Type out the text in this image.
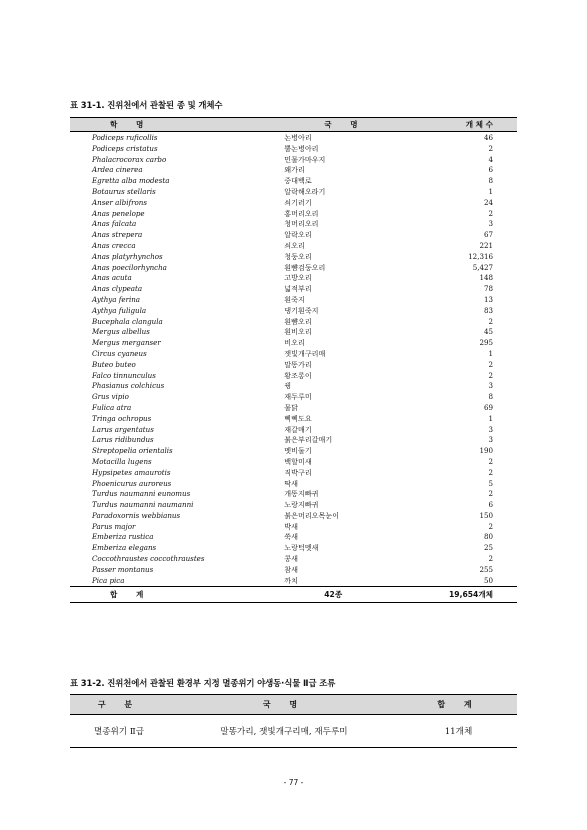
표 31-1. 진위천에서 관찰된 종 및 개체수
학 명	국 명	개 체 수
Podiceps ruficollis	논병아리	46
Podiceps cristatus	뿔논병아리	2
Phalacrocorax carbo	민물가마우지	4
Ardea cinerea	왜가리	6
Egretta alba modesta	중대백로	8
Botaurus stellaris	알락해오라기	1
Anser albifrons	쇠기러기	24
Anas penelope	홍머리오리	2
Anas falcata	청머리오리	3
Anas strepera	알락오리	67
Anas crecca	쇠오리	221
Anas platyrhynchos	청둥오리	12,316
Anas poecilorhyncha	흰뺨검둥오리	5,427
Anas acuta	고방오리	148
Anas clypeata	넓적부리	78
Aythya ferina	흰죽지	13
Aythya fuligula	댕기흰죽지	83
Bucephala clangula	흰뺨오리	2
Mergus albellus	흰비오리	45
Mergus merganser	비오리	295
Circus cyaneus	잿빛개구리매	1
Buteo buteo	말똥가리	2
Falco tinnunculus	황조롱이	2
Phasianus colchicus	꿩	3
Grus vipio	재두루미	8
Fulica atra	물닭	69
Tringa ochropus	삑삑도요	1
Larus argentatus	재갈매기	3
Larus ridibundus	붉은부리갈매기	3
Streptopelia orientalis	멧비둘기	190
Motacilla lugens	백할미새	2
Hypsipetes amaurotis	직박구리	2
Phoenicurus auroreus	딱새	5
Turdus naumanni eunomus	개똥지빠귀	2
Turdus naumanni naumanni	노랑지빠귀	6
Paradoxornis webbianus	붉은머리오목눈이	150
Parus major	박새	2
Emberiza rustica	쑥새	80
Emberiza elegans	노랑턱멧새	25
Coccothraustes coccothraustes	콩새	2
Passer montanus	참새	255
Pica pica	까치	50
합 계	42종	19,654개체
표 31-2. 진위천에서 관찰된 환경부 지정 멸종위기 야생동·식물 Ⅱ급 조류
구 분	국 명	합 계
멸종위기 Ⅱ급	말똥가리, 잿빛개구리매, 재두루미	11개체
- 77 -
